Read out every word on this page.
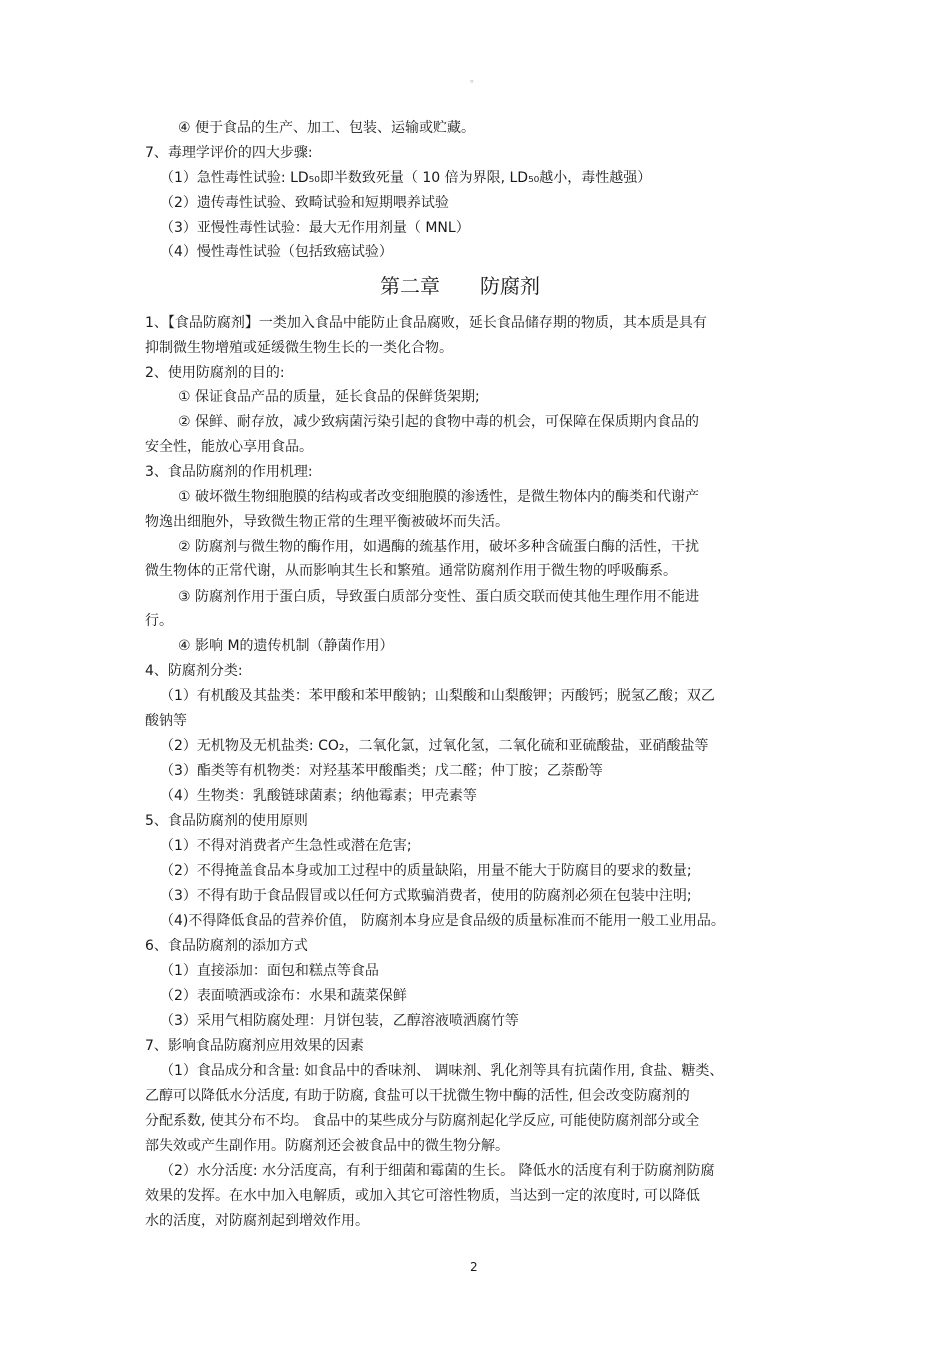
。
④ 便于食品的生产、加工、包装、运输或贮藏。
7、毒理学评价的四大步骤:
（1）急性毒性试验: LD₅₀即半数致死量（ 10 倍为界限, LD₅₀越小，毒性越强）
（2）遗传毒性试验、致畸试验和短期喂养试验
（3）亚慢性毒性试验：最大无作用剂量（ MNL）
（4）慢性毒性试验（包括致癌试验）
第二章 防腐剂
1、【食品防腐剂】一类加入食品中能防止食品腐败，延长食品储存期的物质，其本质是具有
抑制微生物增殖或延缓微生物生长的一类化合物。
2、使用防腐剂的目的:
① 保证食品产品的质量，延长食品的保鲜货架期;
② 保鲜、耐存放，减少致病菌污染引起的食物中毒的机会，可保障在保质期内食品的
安全性，能放心享用食品。
3、食品防腐剂的作用机理:
① 破坏微生物细胞膜的结构或者改变细胞膜的渗透性，是微生物体内的酶类和代谢产
物逸出细胞外，导致微生物正常的生理平衡被破坏而失活。
② 防腐剂与微生物的酶作用，如遇酶的巯基作用，破坏多种含硫蛋白酶的活性，干扰
微生物体的正常代谢，从而影响其生长和繁殖。通常防腐剂作用于微生物的呼吸酶系。
③ 防腐剂作用于蛋白质，导致蛋白质部分变性、蛋白质交联而使其他生理作用不能进
行。
④ 影响 M的遗传机制（静菌作用）
4、防腐剂分类:
（1）有机酸及其盐类：苯甲酸和苯甲酸钠；山梨酸和山梨酸钾；丙酸钙；脱氢乙酸；双乙
酸钠等
（2）无机物及无机盐类: CO₂，二氧化氯，过氧化氢，二氧化硫和亚硫酸盐，亚硝酸盐等
（3）酯类等有机物类：对羟基苯甲酸酯类；戊二醛；仲丁胺；乙萘酚等
（4）生物类：乳酸链球菌素；纳他霉素；甲壳素等
5、食品防腐剂的使用原则
（1）不得对消费者产生急性或潜在危害;
（2）不得掩盖食品本身或加工过程中的质量缺陷，用量不能大于防腐目的要求的数量;
（3）不得有助于食品假冒或以任何方式欺骗消费者，使用的防腐剂必须在包装中注明;
（4)不得降低食品的营养价值， 防腐剂本身应是食品级的质量标准而不能用一般工业用品。
6、食品防腐剂的添加方式
（1）直接添加：面包和糕点等食品
（2）表面喷洒或涂布：水果和蔬菜保鲜
（3）采用气相防腐处理：月饼包装，乙醇溶液喷洒腐竹等
7、影响食品防腐剂应用效果的因素
（1）食品成分和含量: 如食品中的香味剂、 调味剂、乳化剂等具有抗菌作用, 食盐、糖类、
乙醇可以降低水分活度, 有助于防腐, 食盐可以干扰微生物中酶的活性, 但会改变防腐剂的
分配系数, 使其分布不均。 食品中的某些成分与防腐剂起化学反应, 可能使防腐剂部分或全
部失效或产生副作用。防腐剂还会被食品中的微生物分解。
（2）水分活度: 水分活度高，有利于细菌和霉菌的生长。 降低水的活度有利于防腐剂防腐
效果的发挥。在水中加入电解质，或加入其它可溶性物质，当达到一定的浓度时, 可以降低
水的活度，对防腐剂起到增效作用。
2
